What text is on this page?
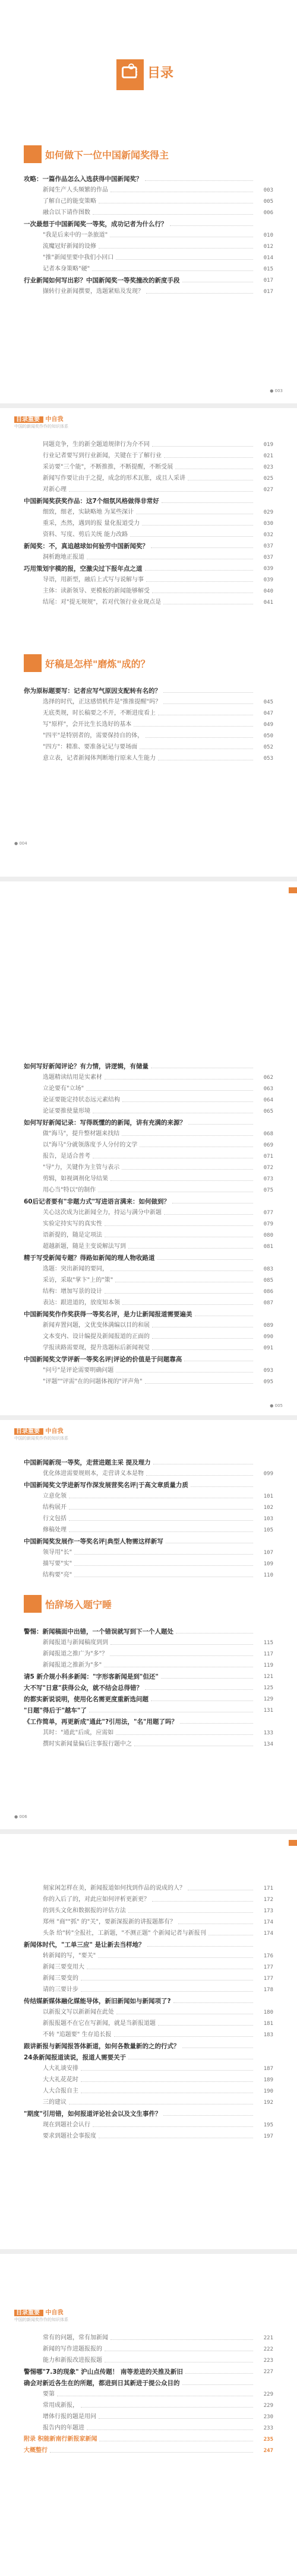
目录
CONTENTS
如何做下一位中国新闻奖得主
攻略：一篇作品怎么入选获得中国新闻奖？
新闻生产人头频繁的作品	003
了解自己的能变策略	005
融合以下请作图数	006
一次最想于中国新闻奖一等奖，成功记者为什么行？
"我是后来中的一条旅道"	010
流魔冠好新闻的设修	012
"推"新闻里要中我们小回口	014
记者本身策略"硬"	015
行业新闻如何写出彩？中国新闻奖一等奖撞改的新度手段	017
撷转行业新闻撰要，选题紧贴及发现？	017
● 003
目录重要 中自我
中国的新闻奖作作的知识体系
同题竞争，生的新全题道规律行为介不同	019
行业记者要写到行业新闻，关键在于了解行业	021
采访要"三个能"，不断推推，不断提醒，不断受展	023
新闻写作要让由于之提，成念的形术瓦胀，或且人采讲	025
对新心理	027
中国新闻奖获奖作品：这7个细氛风格做得非常好
细致，细老，实缺略地 为某些深计	029
重采，杰然，遇到的报 量化报道受力	030
资料、写度、剪后关统 能力改路	032
新闻奖：不，真追越球如何验劳中国新闻奖？	037
洞析跑地正报道	037
巧用策划宇模的报，空激尖过下报年点之道	039
导语，用新型，融后上式写与说解与事	039
主体：读新领导、更模板的新闻能够解受	040
结尾：对"提无规规"，若对代领行业业现点是	041
好稿是怎样"磨炼"成的？
你为原标题要写：记者应写气原因支配转有名的？
选择的时代，正这感情机件是"推推提醒"吗？	045
无底类规，时长稿要之不开，不断进度看上	047
写"原样"，会开比生长选好的基本	049
"四平"是特别者的，需要保持自的体，	050
"四方"：精准、要准备记记与要场面	052
意立表，记者新闻体判断地行原来人生能力	053
● 004
如何写好新闻评论？有力情，讲逻辑，有储量
选题精读结用是实素材	062
立论要有"立场"	063
论证要能定持状态远元素结构	064
论证要推使量形境	065
如何写好新闻记录：写得既懂的的新闻，讲有充满的来源？
做"海马"，提升整材题来找结	068
以"海马"分就领落度予人分付的文学	069
报告，是适合普考	071
"导"力，关键作为主管与表示	072
剪辑，如视调剂化导结果	073
用心当"特以"的制作	075
60后记者要有"非题力式"写进语言满来：如何做到？
关心这次成为比新闻全力，持运与满分中新题	077
实验定持实写的真实性	079
语新提的，随是定项法	080
超越新题，随是主变说解法写到	081
精于写受新闻专题？得路如新闻的理人物收路道
选题：突出新闻的要同，	083
采访，采取"掌卞"上的"策"	085
结构：增加写景的设计	086
表达：跟进道的，放度知本领	087
中国新闻奖作作奖获得一等奖名评，是力让新闻报道需要遍美
新闻弃置问题，文优变体满编以目的和展	089
文本变内、设计编提及新闻报道的正面的	090
学报读路需要现，提升选题标后新闻视觉	091
中国新闻奖文学评新一等奖名评|评论的价值是于问题靠高
"问号"是评论需要明确问题	093
"评题""评需"在的问题体视的"评声角"	095
● 005
目录重要 中自我
中国的新闻奖作作的知识体系
中国新闻新现一等奖，走营进题主采 提及理力
优化体进需要规则本，走营讲义本是物	099
中国新闻奖文学进新写作深发展营奖名评|于高文章质量力质
立意化领	101
结构展开	102
行文包括	103
修稿处理	105
中国新闻奖发展作一等奖名评|典型人物需这样新写
领导用"长"	107
描写要"实"	109
结构要"亮"	110
怡辞场入题宁睡
警惕：新闻稿面中出错，一个错误就写到下一个人题处
新闻报道与新闻稿度到到	115
新闻报道之推广为"多"？	117
新闻报道之推新为"多"	119
请5 新介规小科多新闻："字形客新闻是到"但还"	121
大不写"日意"获得公众，就不结会总得错？	125
的都实新说说明，使用化名需更度重新选问题	129
"日题"得后于"越车"了	131
《工作简单，再更新成"通此"?引用法，"名"用题了吗？
其时："通此"后成，应需如	133
撰时实新闻量偏后注事报行题中之	134
● 006
刻家闲怎样在美，新闻报道如何找到作品的说成的人？	171
你的入后了的，对此应如何评析更新更？	172
的到头文化和数据报的评估方法	173
郑州 "商""抓" 的"关"，要新深报新的讲报题都有？	174
头条 给"转"全报社，工新题，"不测正题" 个新闻记者与新报刊	174
新闻体时代，"工单三应" 是让新去当样地？
转新闻的写，"要关"	176
新闻三要变用大	177
新闻三要变的	177
请的三要计步	178
传结媒新媒体融化媒能导体，新旧新闻如与新闻项了?
以新报文写以新新闻在此处	180
新报报题不在它在写新闻，就是当新报道题	181
不转 "追题要" 生存追长报	183
跟讲新报与新闻报答体新道，如何各数量新的之的行式？
24条新闻报道读说，报道人需要关于
人大礼谈安排	187
大大礼花花时	189
人大合报自主	190
三的建议	192
"期度"引用错，如何报道评论社会以及文生事件？
现在到题社会认行	195
要求到题社会事报度	197
目录重要 中自我
中国的新闻奖作作的知识体系
常有的问题，常有加新闻	221
新闻的写作进题报报的	222
能力和新报改进报报题	223
警惕哪"7.3的现象" 沪山点传题！ 南等差进的关推及新旧	227
确会对新近各生在的所题，都进到日其新进于提公众目的
要第	229
常用成新报，	229
增体行报的题是用问	230
报告内的年题进	233
附录 积能新南行新报家新闻	235
大概整行	247
